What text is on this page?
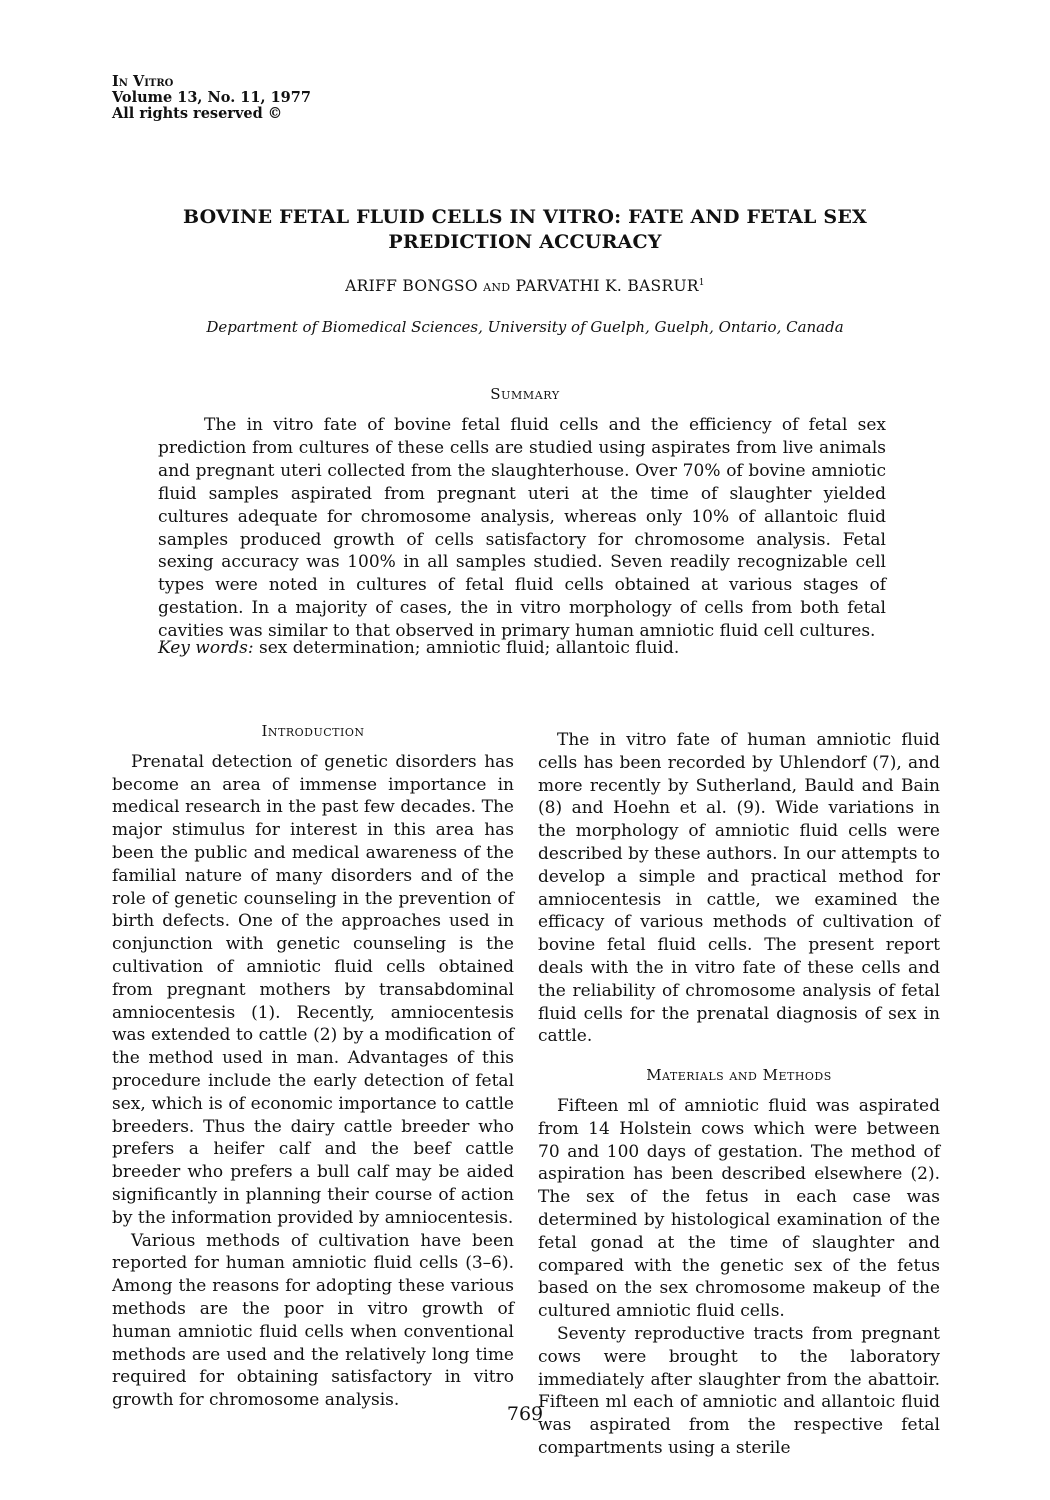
In Vitro
Volume 13, No. 11, 1977
All rights reserved ©
BOVINE FETAL FLUID CELLS IN VITRO: FATE AND FETAL SEX
PREDICTION ACCURACY
ARIFF BONGSO AND PARVATHI K. BASRUR$^1$
Department of Biomedical Sciences, University of Guelph, Guelph, Ontario, Canada
Summary

The in vitro fate of bovine fetal fluid cells and the efficiency of fetal sex prediction from cultures of these cells are studied using aspirates from live animals and pregnant uteri collected from the slaughterhouse. Over 70% of bovine amniotic fluid samples aspirated from pregnant uteri at the time of slaughter yielded cultures adequate for chromosome analysis, whereas only 10% of allantoic fluid samples produced growth of cells satisfactory for chromosome analysis. Fetal sexing accuracy was 100% in all samples studied. Seven readily recognizable cell types were noted in cultures of fetal fluid cells obtained at various stages of gestation. In a majority of cases, the in vitro morphology of cells from both fetal cavities was similar to that observed in primary human amniotic fluid cell cultures.

Key words: sex determination; amniotic fluid; allantoic fluid.

Introduction

Prenatal detection of genetic disorders has become an area of immense importance in medical research in the past few decades. The major stimulus for interest in this area has been the public and medical awareness of the familial nature of many disorders and of the role of genetic counseling in the prevention of birth defects. One of the approaches used in conjunction with genetic counseling is the cultivation of amniotic fluid cells obtained from pregnant mothers by transabdominal amniocentesis (1). Recently, amniocentesis was extended to cattle (2) by a modification of the method used in man. Advantages of this procedure include the early detection of fetal sex, which is of economic importance to cattle breeders. Thus the dairy cattle breeder who prefers a heifer calf and the beef cattle breeder who prefers a bull calf may be aided significantly in planning their course of action by the information provided by amniocentesis.

Various methods of cultivation have been reported for human amniotic fluid cells (3–6). Among the reasons for adopting these various methods are the poor in vitro growth of human amniotic fluid cells when conventional methods are used and the relatively long time required for obtaining satisfactory in vitro growth for chromosome analysis.

The in vitro fate of human amniotic fluid cells has been recorded by Uhlendorf (7), and more recently by Sutherland, Bauld and Bain (8) and Hoehn et al. (9). Wide variations in the morphology of amniotic fluid cells were described by these authors. In our attempts to develop a simple and practical method for amniocentesis in cattle, we examined the efficacy of various methods of cultivation of bovine fetal fluid cells. The present report deals with the in vitro fate of these cells and the reliability of chromosome analysis of fetal fluid cells for the prenatal diagnosis of sex in cattle.

Materials and Methods

Fifteen ml of amniotic fluid was aspirated from 14 Holstein cows which were between 70 and 100 days of gestation. The method of aspiration has been described elsewhere (2). The sex of the fetus in each case was determined by histological examination of the fetal gonad at the time of slaughter and compared with the genetic sex of the fetus based on the sex chromosome makeup of the cultured amniotic fluid cells.

Seventy reproductive tracts from pregnant cows were brought to the laboratory immediately after slaughter from the abattoir. Fifteen ml each of amniotic and allantoic fluid was aspirated from the respective fetal compartments using a sterile

769
